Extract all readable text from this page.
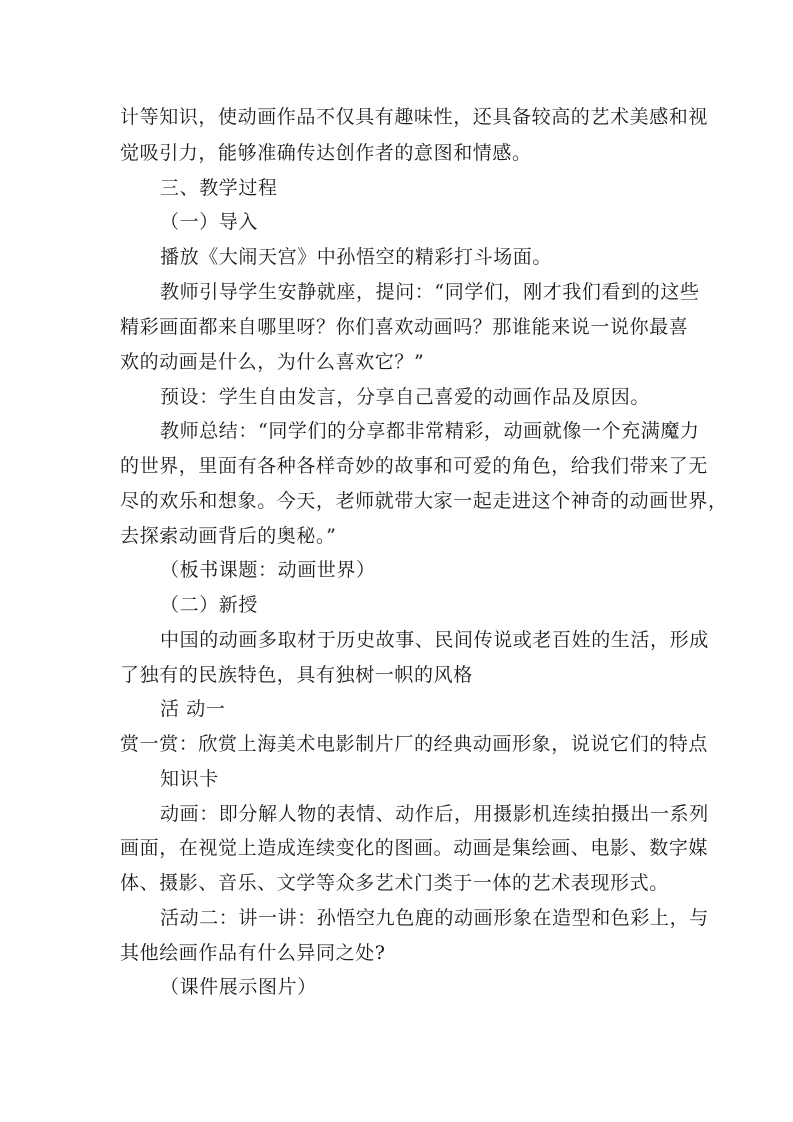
计等知识，使动画作品不仅具有趣味性，还具备较高的艺术美感和视
觉吸引力，能够准确传达创作者的意图和情感。
三、教学过程
（一）导入
播放《大闹天宫》中孙悟空的精彩打斗场面。
教师引导学生安静就座，提问：“同学们，刚才我们看到的这些
精彩画面都来自哪里呀？你们喜欢动画吗？那谁能来说一说你最喜
欢的动画是什么，为什么喜欢它？”
预设：学生自由发言，分享自己喜爱的动画作品及原因。
教师总结：“同学们的分享都非常精彩，动画就像一个充满魔力
的世界，里面有各种各样奇妙的故事和可爱的角色，给我们带来了无
尽的欢乐和想象。今天，老师就带大家一起走进这个神奇的动画世界，
去探索动画背后的奥秘。”
（板书课题：动画世界）
（二）新授
中国的动画多取材于历史故事、民间传说或老百姓的生活，形成
了独有的民族特色，具有独树一帜的风格
活 动一
赏一赏：欣赏上海美术电影制片厂的经典动画形象，说说它们的特点
知识卡
动画：即分解人物的表情、动作后，用摄影机连续拍摄出一系列
画面，在视觉上造成连续变化的图画。动画是集绘画、电影、数字媒
体、摄影、音乐、文学等众多艺术门类于一体的艺术表现形式。
活动二：讲一讲：孙悟空九色鹿的动画形象在造型和色彩上，与
其他绘画作品有什么异同之处?
（课件展示图片）
